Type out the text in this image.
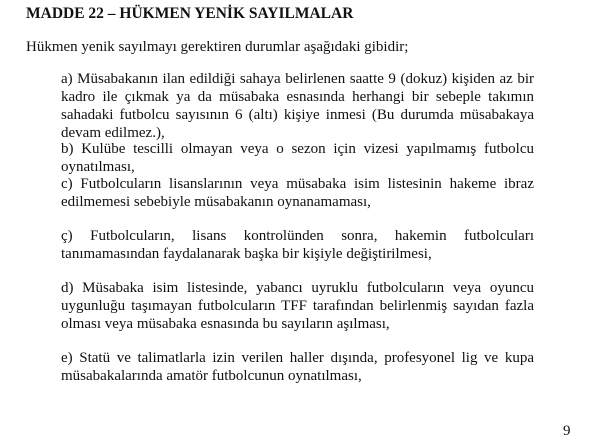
MADDE 22 – HÜKMEN YENİK SAYILMALAR
Hükmen yenik sayılmayı gerektiren durumlar aşağıdaki gibidir;

a) Müsabakanın ilan edildiği sahaya belirlenen saatte 9 (dokuz) kişiden az bir kadro ile çıkmak ya da müsabaka esnasında herhangi bir sebeple takımın sahadaki futbolcu sayısının 6 (altı) kişiye inmesi (Bu durumda müsabakaya devam edilmez.),

b) Kulübe tescilli olmayan veya o sezon için vizesi yapılmamış futbolcu oynatılması,

c) Futbolcuların lisanslarının veya müsabaka isim listesinin hakeme ibraz edilmemesi sebebiyle müsabakanın oynanamaması,

ç) Futbolcuların, lisans kontrolünden sonra, hakemin futbolcuları tanımamasından faydalanarak başka bir kişiyle değiştirilmesi,

d) Müsabaka isim listesinde, yabancı uyruklu futbolcuların veya oyuncu uygunluğu taşımayan futbolcuların TFF tarafından belirlenmiş sayıdan fazla olması veya müsabaka esnasında bu sayıların aşılması,

e) Statü ve talimatlarla izin verilen haller dışında, profesyonel lig ve kupa müsabakalarında amatör futbolcunun oynatılması,

9
